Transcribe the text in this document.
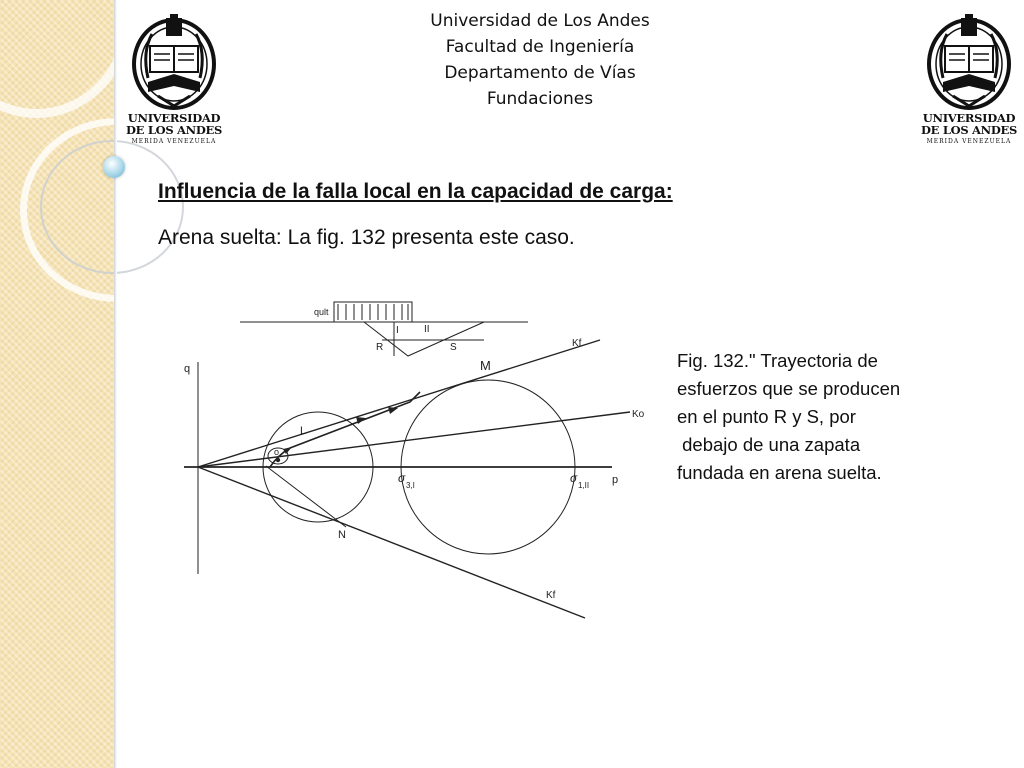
UNIVERSIDAD
DE LOS ANDES
MERIDA VENEZUELA
UNIVERSIDAD
DE LOS ANDES
MERIDA VENEZUELA
Universidad de Los Andes
Facultad de Ingeniería
Departamento de Vías
Fundaciones
Influencia de la falla local en la capacidad de carga:
Arena suelta: La fig. 132 presenta este caso.
qult
I	II
R	S	Kf
q	M
Ko
L
o
σ
3,I
σ
1,II p
N
Kf
Fig. 132." Trayectoria de
esfuerzos que se producen
en el punto R y S, por
debajo de una zapata
fundada en arena suelta.
